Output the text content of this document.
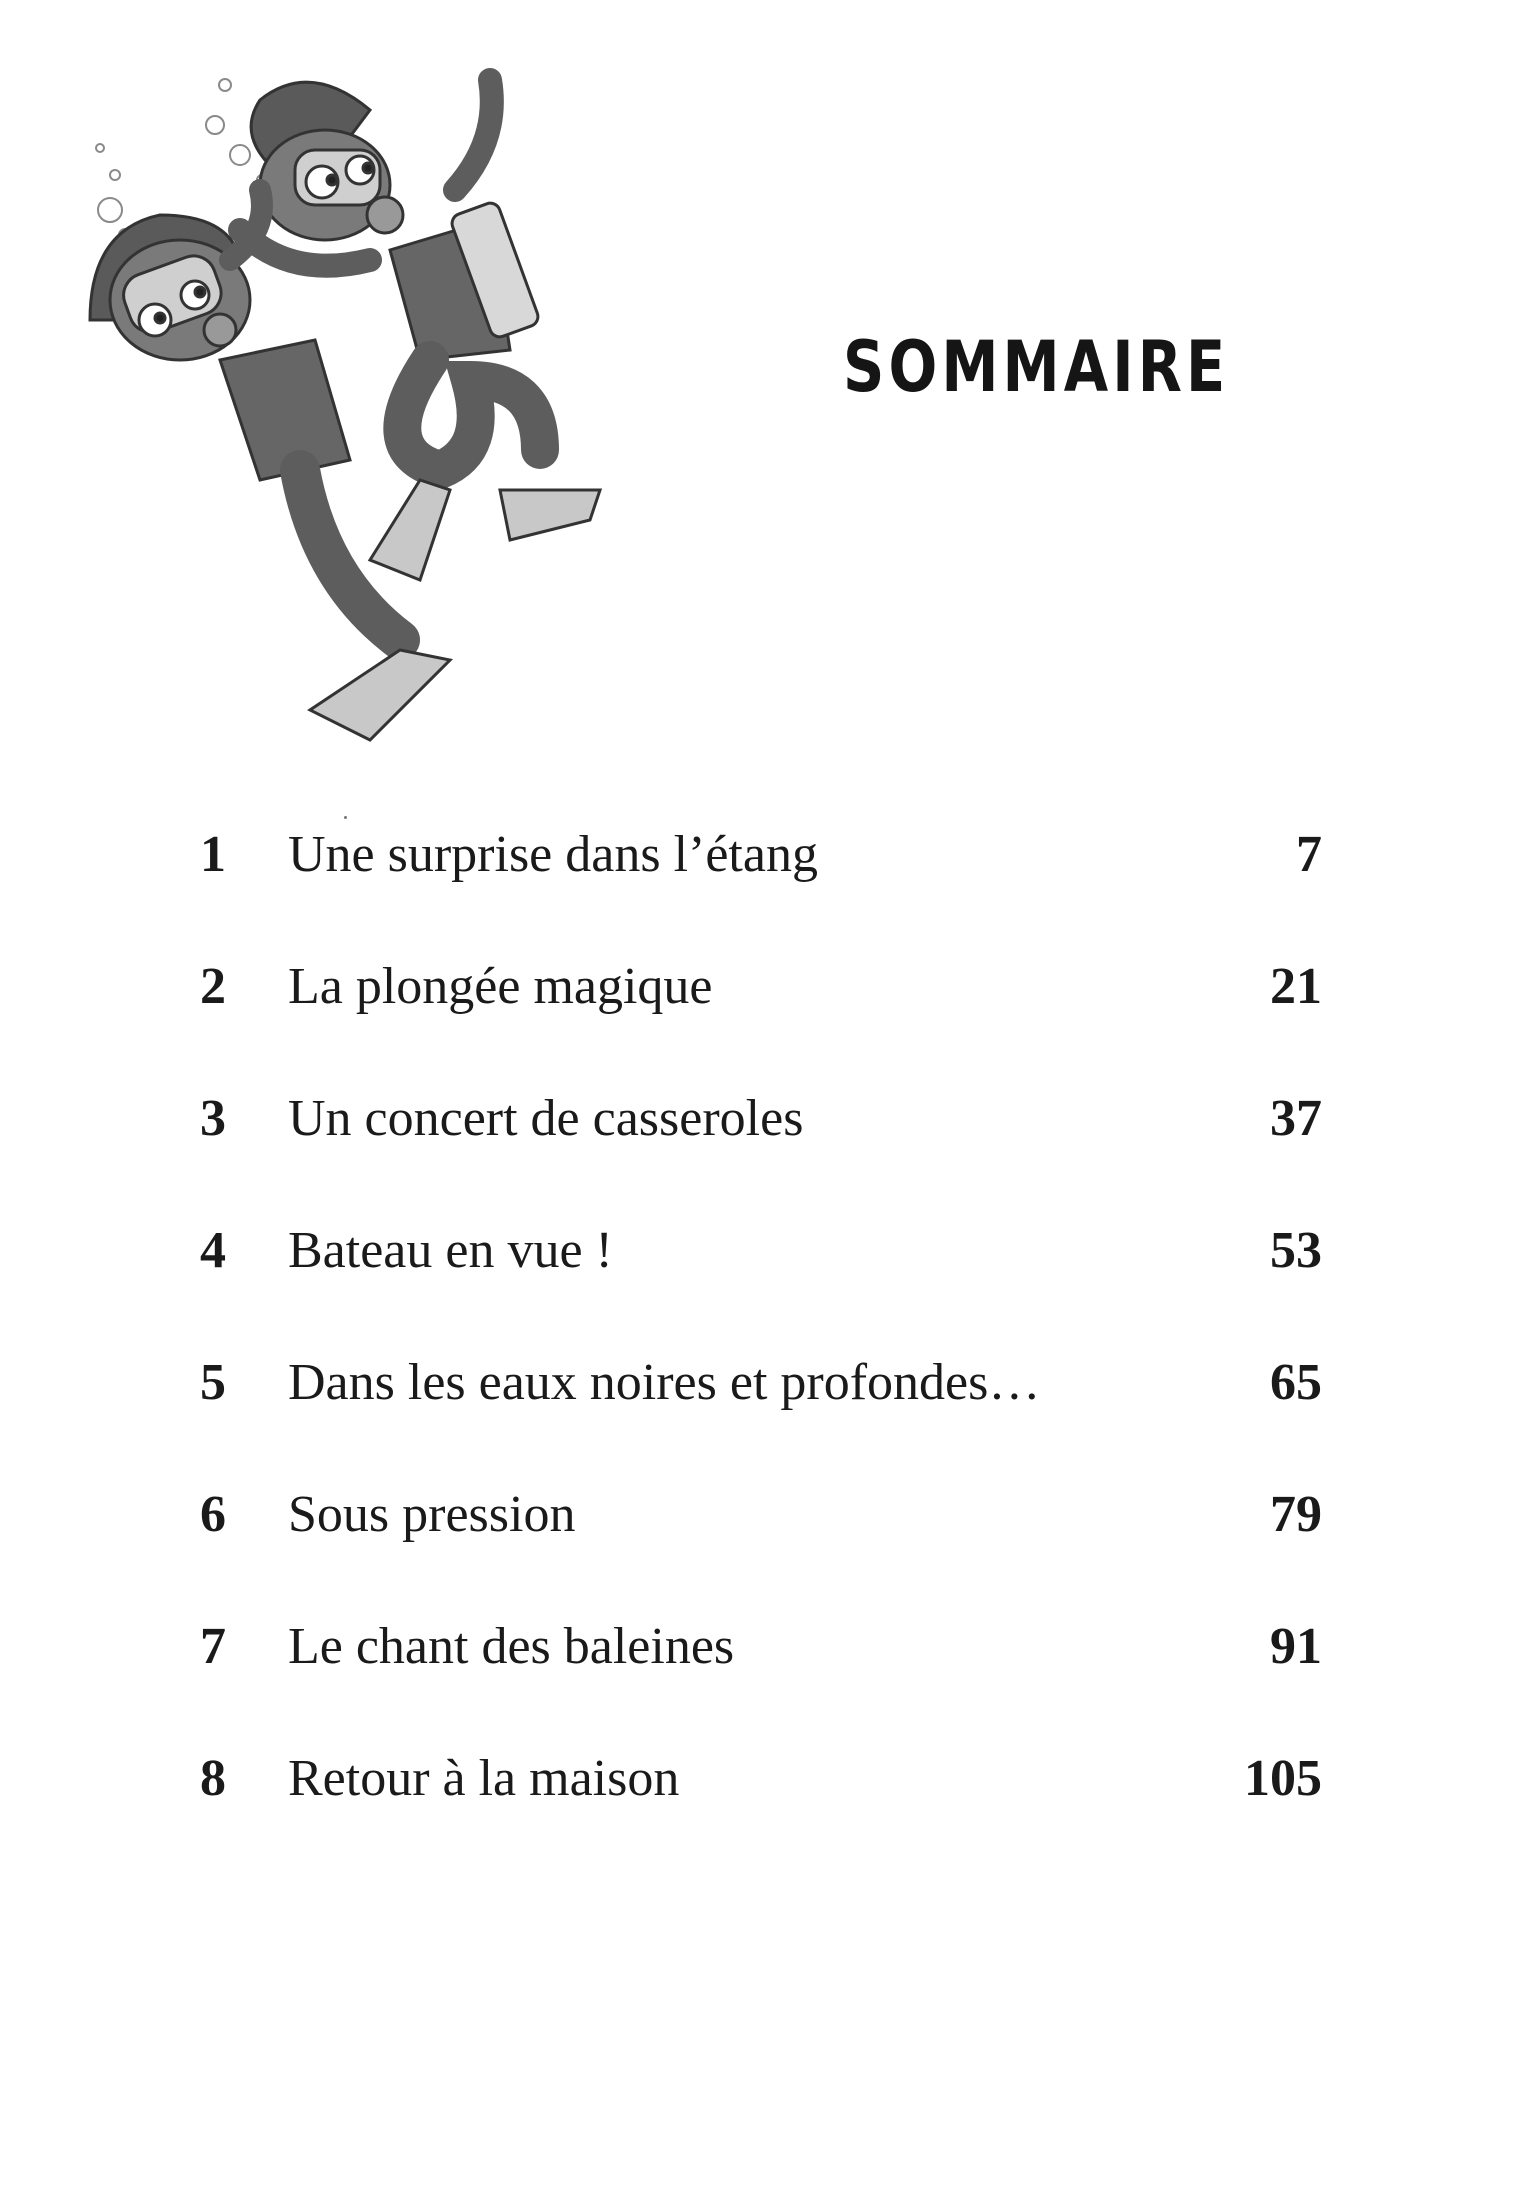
SOMMAIRE
1 Une surprise dans l’étang	7
2 La plongée magique	21
3 Un concert de casseroles	37
4 Bateau en vue !	53
5 Dans les eaux noires et profondes…	65
6 Sous pression	79
7 Le chant des baleines	91
8 Retour à la maison	105
